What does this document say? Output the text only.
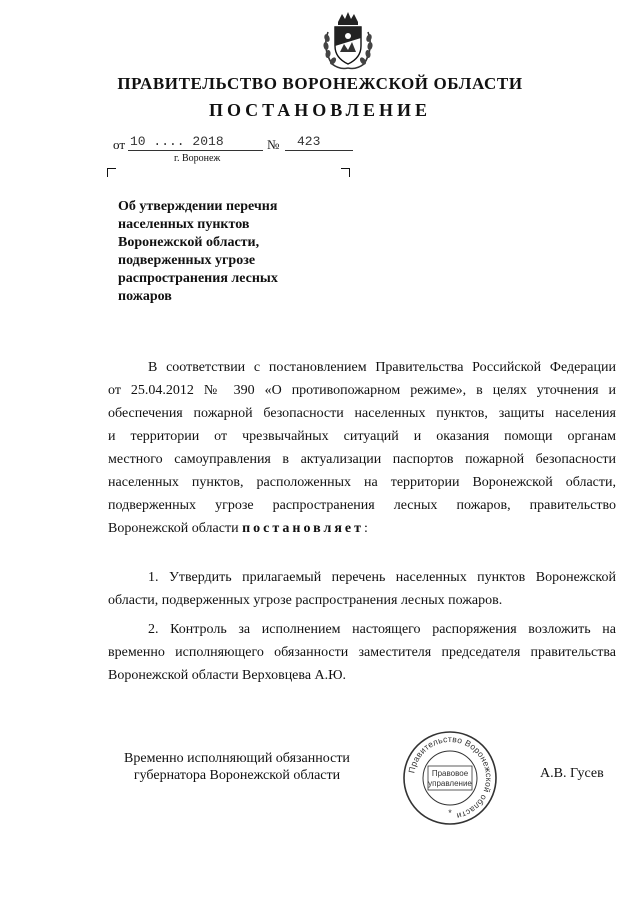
ПРАВИТЕЛЬСТВО ВОРОНЕЖСКОЙ ОБЛАСТИ
ПОСТАНОВЛЕНИЕ
от 10 .... 2018	№ 423
г. Воронеж
Об утверждении перечня
населенных пунктов
Воронежской области,
подверженных угрозе
распространения лесных
пожаров
В соответствии с постановлением Правительства Российской Федерации
от 25.04.2012 № 390 «О противопожарном режиме», в целях уточнения и
обеспечения пожарной безопасности населенных пунктов, защиты населения
и территории от чрезвычайных ситуаций и оказания помощи органам
местного самоуправления в актуализации паспортов пожарной безопасности
населенных пунктов, расположенных на территории Воронежской области,
подверженных угрозе распространения лесных пожаров, правительство
Воронежской области постановляет:
1. Утвердить прилагаемый перечень населенных пунктов Воронежской
области, подверженных угрозе распространения лесных пожаров.
2. Контроль за исполнением настоящего распоряжения возложить на
временно исполняющего обязанности заместителя председателя правительства
Воронежской области Верховцева А.Ю.
Временно исполняющий обязанности
губернатора Воронежской области	Правительство Воронежской области
Правовое
управление
*
А.В. Гусев
